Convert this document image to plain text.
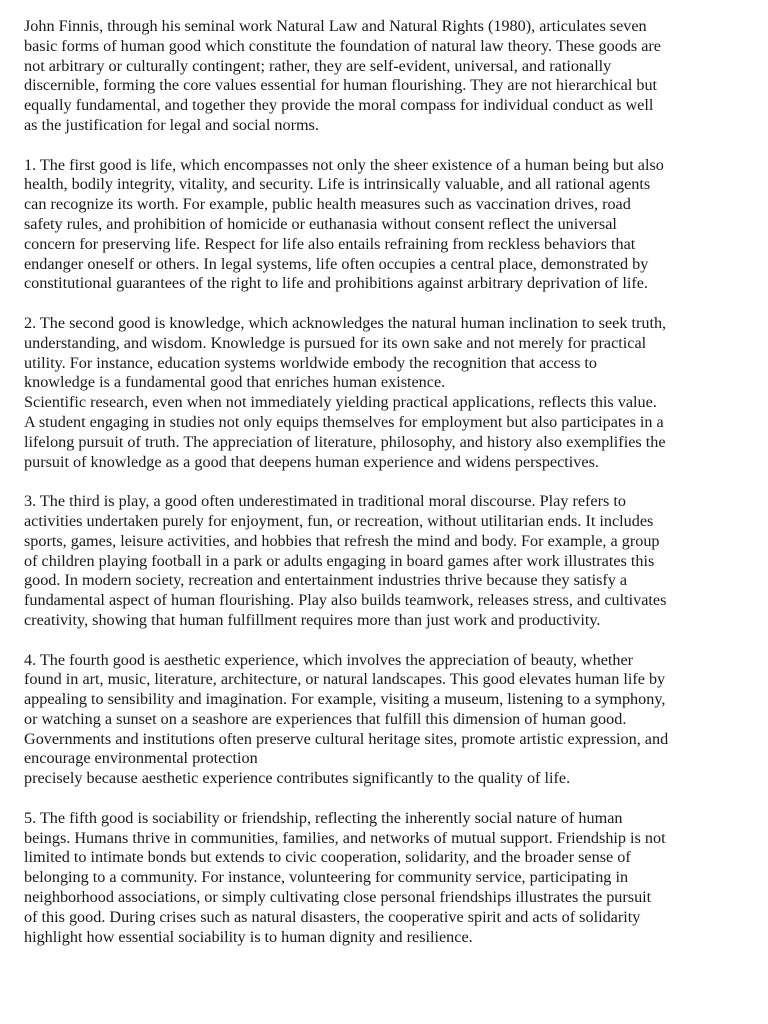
John Finnis, through his seminal work Natural Law and Natural Rights (1980), articulates seven
basic forms of human good which constitute the foundation of natural law theory. These goods are
not arbitrary or culturally contingent; rather, they are self-evident, universal, and rationally
discernible, forming the core values essential for human flourishing. They are not hierarchical but
equally fundamental, and together they provide the moral compass for individual conduct as well
as the justification for legal and social norms.

1. The first good is life, which encompasses not only the sheer existence of a human being but also
health, bodily integrity, vitality, and security. Life is intrinsically valuable, and all rational agents
can recognize its worth. For example, public health measures such as vaccination drives, road
safety rules, and prohibition of homicide or euthanasia without consent reflect the universal
concern for preserving life. Respect for life also entails refraining from reckless behaviors that
endanger oneself or others. In legal systems, life often occupies a central place, demonstrated by
constitutional guarantees of the right to life and prohibitions against arbitrary deprivation of life.

2. The second good is knowledge, which acknowledges the natural human inclination to seek truth,
understanding, and wisdom. Knowledge is pursued for its own sake and not merely for practical
utility. For instance, education systems worldwide embody the recognition that access to
knowledge is a fundamental good that enriches human existence.
Scientific research, even when not immediately yielding practical applications, reflects this value.
A student engaging in studies not only equips themselves for employment but also participates in a
lifelong pursuit of truth. The appreciation of literature, philosophy, and history also exemplifies the
pursuit of knowledge as a good that deepens human experience and widens perspectives.

3. The third is play, a good often underestimated in traditional moral discourse. Play refers to
activities undertaken purely for enjoyment, fun, or recreation, without utilitarian ends. It includes
sports, games, leisure activities, and hobbies that refresh the mind and body. For example, a group
of children playing football in a park or adults engaging in board games after work illustrates this
good. In modern society, recreation and entertainment industries thrive because they satisfy a
fundamental aspect of human flourishing. Play also builds teamwork, releases stress, and cultivates
creativity, showing that human fulfillment requires more than just work and productivity.

4. The fourth good is aesthetic experience, which involves the appreciation of beauty, whether
found in art, music, literature, architecture, or natural landscapes. This good elevates human life by
appealing to sensibility and imagination. For example, visiting a museum, listening to a symphony,
or watching a sunset on a seashore are experiences that fulfill this dimension of human good.
Governments and institutions often preserve cultural heritage sites, promote artistic expression, and
encourage environmental protection
precisely because aesthetic experience contributes significantly to the quality of life.

5. The fifth good is sociability or friendship, reflecting the inherently social nature of human
beings. Humans thrive in communities, families, and networks of mutual support. Friendship is not
limited to intimate bonds but extends to civic cooperation, solidarity, and the broader sense of
belonging to a community. For instance, volunteering for community service, participating in
neighborhood associations, or simply cultivating close personal friendships illustrates the pursuit
of this good. During crises such as natural disasters, the cooperative spirit and acts of solidarity
highlight how essential sociability is to human dignity and resilience.
